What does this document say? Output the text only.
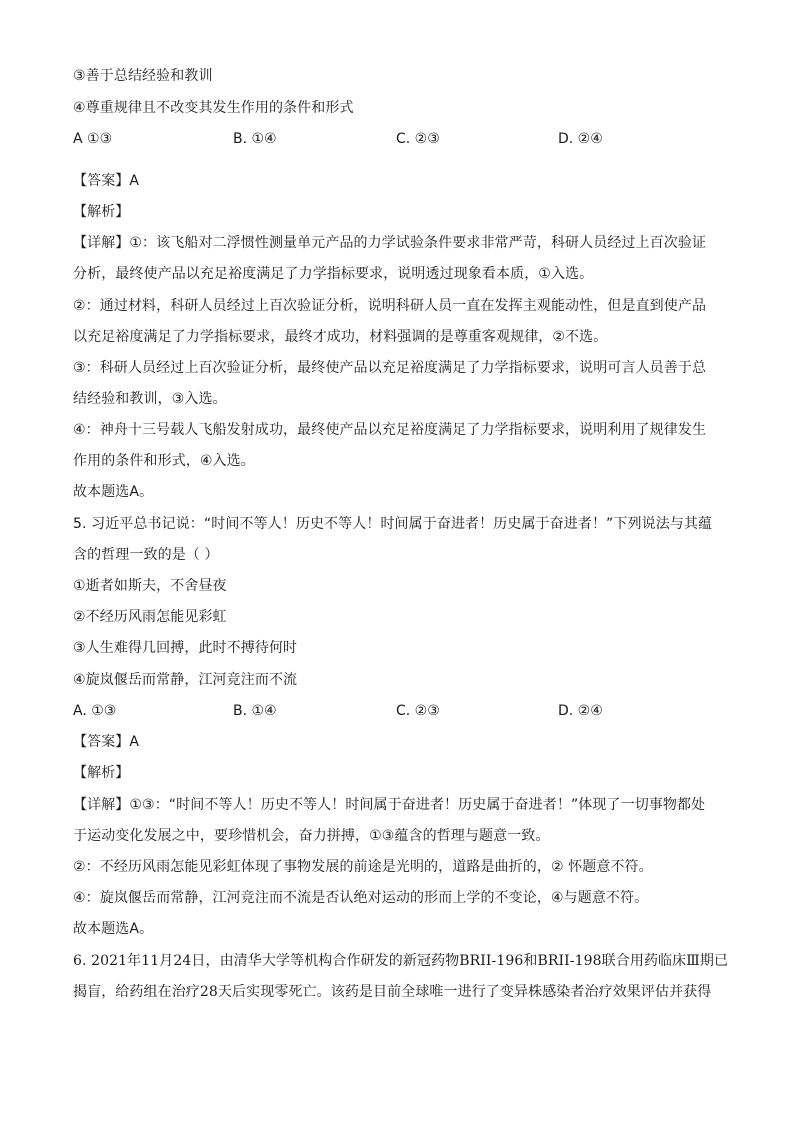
③善于总结经验和教训
④尊重规律且不改变其发生作用的条件和形式
A ①③	B. ①④	C. ②③	D. ②④
【答案】A
【解析】
【详解】①：该飞船对二浮惯性测量单元产品的力学试验条件要求非常严苛，科研人员经过上百次验证
分析，最终使产品以充足裕度满足了力学指标要求，说明透过现象看本质，①入选。
②：通过材料，科研人员经过上百次验证分析，说明科研人员一直在发挥主观能动性，但是直到使产品
以充足裕度满足了力学指标要求，最终才成功，材料强调的是尊重客观规律，②不选。
③：科研人员经过上百次验证分析，最终使产品以充足裕度满足了力学指标要求，说明可言人员善于总
结经验和教训，③入选。
④：神舟十三号载人飞船发射成功，最终使产品以充足裕度满足了力学指标要求，说明利用了规律发生
作用的条件和形式，④入选。
故本题选A。
5. 习近平总书记说：“时间不等人！历史不等人！时间属于奋进者！历史属于奋进者！”下列说法与其蕴
含的哲理一致的是（ ）
①逝者如斯夫，不舍昼夜
②不经历风雨怎能见彩虹
③人生难得几回搏，此时不搏待何时
④旋岚偃岳而常静，江河竞注而不流
A. ①③	B. ①④	C. ②③	D. ②④
【答案】A
【解析】
【详解】①③：“时间不等人！历史不等人！时间属于奋进者！历史属于奋进者！”体现了一切事物都处
于运动变化发展之中，要珍惜机会，奋力拼搏，①③蕴含的哲理与题意一致。
②：不经历风雨怎能见彩虹体现了事物发展的前途是光明的，道路是曲折的，② 怀题意不符。
④：旋岚偃岳而常静，江河竞注而不流是否认绝对运动的形而上学的不变论，④与题意不符。
故本题选A。
6. 2021年11月24日，由清华大学等机构合作研发的新冠药物BRII-196和BRII-198联合用药临床Ⅲ期已
揭盲，给药组在治疗28天后实现零死亡。该药是目前全球唯一进行了变异株感染者治疗效果评估并获得
